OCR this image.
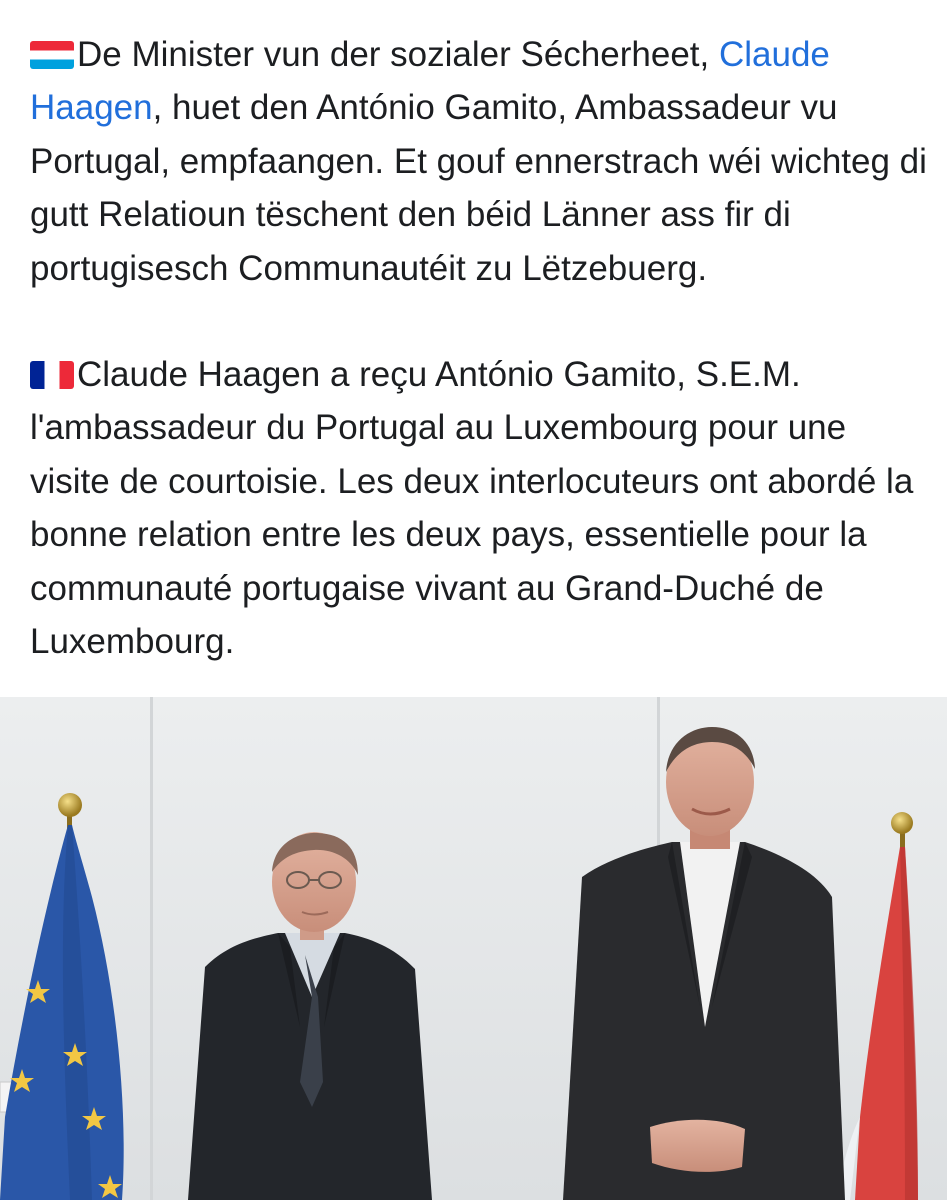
De Minister vun der sozialer Sécherheet, Claude Haagen, huet den António Gamito, Ambassadeur vu Portugal, empfaangen. Et gouf ennerstrach wéi wichteg di gutt Relatioun tëschent den béid Länner ass fir di portugisesch Communautéit zu Lëtzebuerg.

Claude Haagen a reçu António Gamito, S.E.M. l'ambassadeur du Portugal au Luxembourg pour une visite de courtoisie. Les deux interlocuteurs ont abordé la bonne relation entre les deux pays, essentielle pour la communauté portugaise vivant au Grand-Duché de Luxembourg.
